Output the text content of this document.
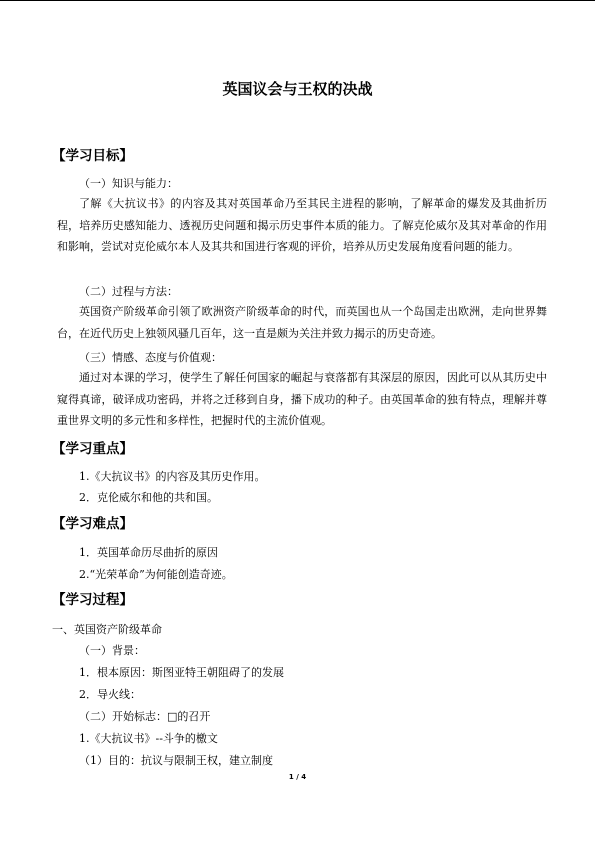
英国议会与王权的决战
【学习目标】
（一）知识与能力：
了解《大抗议书》的内容及其对英国革命乃至其民主进程的影响，了解革命的爆发及其曲折历程，培养历史感知能力、透视历史问题和揭示历史事件本质的能力。了解克伦威尔及其对革命的作用和影响，尝试对克伦威尔本人及其共和国进行客观的评价，培养从历史发展角度看问题的能力。
（二）过程与方法：
英国资产阶级革命引领了欧洲资产阶级革命的时代，而英国也从一个岛国走出欧洲，走向世界舞台，在近代历史上独领风骚几百年，这一直是颇为关注并致力揭示的历史奇迹。
（三）情感、态度与价值观：
通过对本课的学习，使学生了解任何国家的崛起与衰落都有其深层的原因，因此可以从其历史中窥得真谛，破译成功密码，并将之迁移到自身，播下成功的种子。由英国革命的独有特点，理解并尊重世界文明的多元性和多样性，把握时代的主流价值观。
【学习重点】
1.《大抗议书》的内容及其历史作用。
2．克伦威尔和他的共和国。
【学习难点】
1．英国革命历尽曲折的原因
2.“光荣革命”为何能创造奇迹。
【学习过程】
一、英国资产阶级革命
（一）背景：
1．根本原因：斯图亚特王朝阻碍了的发展
2．导火线：
（二）开始标志：□的召开
1.《大抗议书》--斗争的檄文
（1）目的：抗议与限制王权，建立制度
1 / 4
